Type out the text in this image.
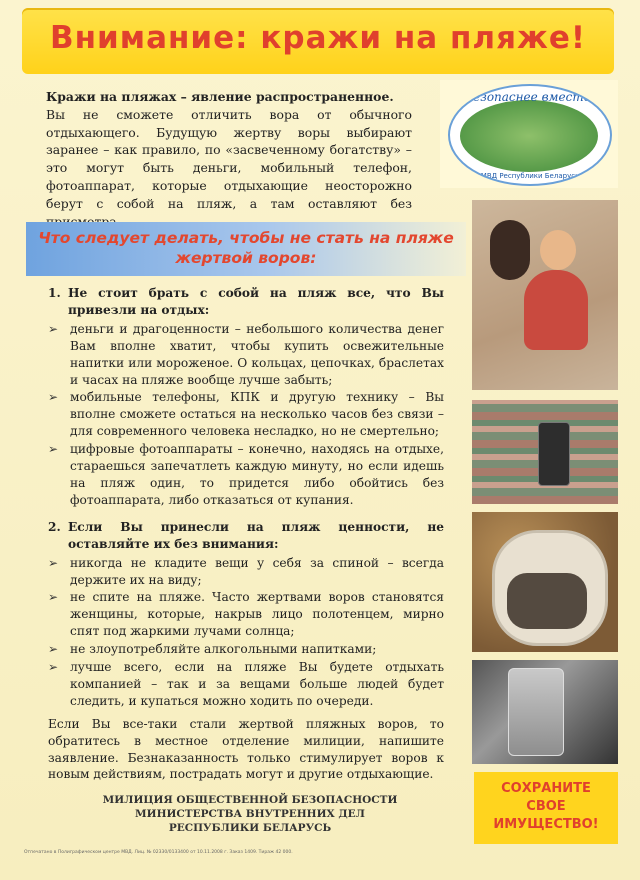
Внимание: кражи на пляже!
Кражи на пляжах – явление распространенное.
Вы не сможете отличить вора от обычного отдыхающего. Будущую жертву воры выбирают заранее – как правило, по «засвеченному богатству» – это могут быть деньги, мобильный телефон, фотоаппарат, которые отдыхающие неосторожно берут с собой на пляж, а там оставляют без
Безопаснее вместе!
МВД Республики Беларусь
Что следует делать, чтобы не стать на пляже жертвой воров:
1. Не стоит брать с собой на пляж все, что Вы привезли на отдых:
➢ деньги и драгоценности – небольшого количества денег Вам вполне хватит, чтобы купить освежительные напитки или мороженое. О кольцах, цепочках, браслетах и часах на пляже вообще лучше забыть;
➢ мобильные телефоны, КПК и другую технику – Вы вполне сможете остаться на несколько часов без связи – для современного человека несладко, но не смертельно;
➢ цифровые фотоаппараты – конечно, находясь на отдыхе, стараешься запечатлеть каждую минуту, но если идешь на пляж один, то придется либо обойтись без фотоаппарата, либо отказаться от купания.
2. Если Вы принесли на пляж ценности, не оставляйте их без внимания:
➢ никогда не кладите вещи у себя за спиной – всегда держите их на виду;
➢ не спите на пляже. Часто жертвами воров становятся женщины, которые, накрыв лицо полотенцем, мирно спят под жаркими лучами солнца;
➢ не злоупотребляйте алкогольными напитками;
➢ лучше всего, если на пляже Вы будете отдыхать компанией – так и за вещами больше людей будет следить, и купаться можно ходить по очереди.
Если Вы все-таки стали жертвой пляжных воров, то обратитесь в местное отделение милиции, напишите заявление. Безнаказанность только стимулирует воров к новым действиям, пострадать могут и другие отдыхающие.
МИЛИЦИЯ ОБЩЕСТВЕННОЙ БЕЗОПАСНОСТИ
МИНИСТЕРСТВА ВНУТРЕННИХ ДЕЛ
РЕСПУБЛИКИ БЕЛАРУСЬ
Отпечатано в Полиграфическом центре МВД. Лиц. № 02330/0133400 от 10.11.2008 г. Заказ 1409. Тираж 42 000.
СОХРАНИТЕ
СВОЕ
ИМУЩЕСТВО!
